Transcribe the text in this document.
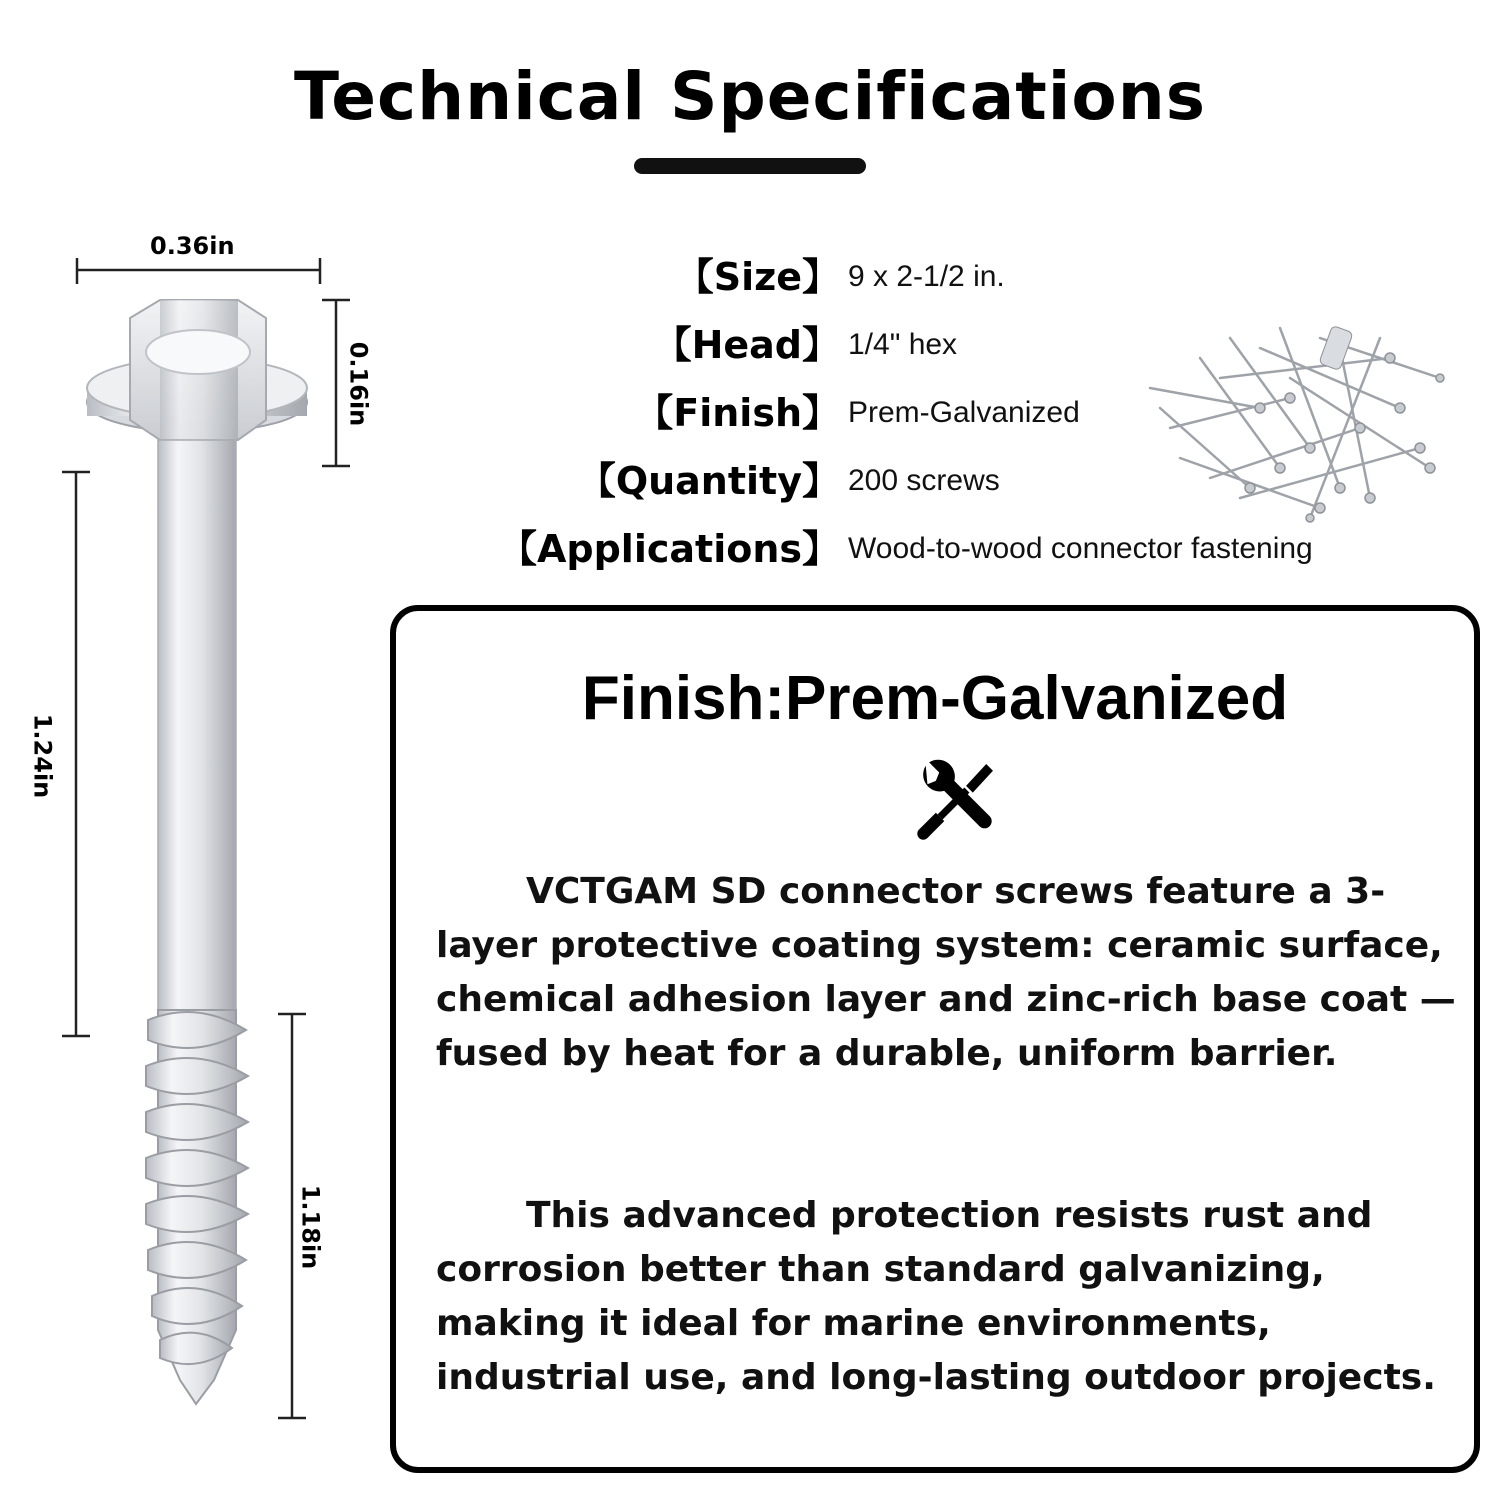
Technical Specifications
0.36in
0.16in
1.24in
1.18in
【Size】 9 x 2-1/2 in.
【Head】 1/4" hex
【Finish】 Prem-Galvanized
【Quantity】 200 screws
【Applications】 Wood-to-wood connector fastening
Finish:Prem-Galvanized
VCTGAM SD connector screws feature a 3-layer protective coating system: ceramic surface, chemical adhesion layer and zinc-rich base coat — fused by heat for a durable, uniform barrier.
This advanced protection resists rust and corrosion better than standard galvanizing, making it ideal for marine environments, industrial use, and long-lasting outdoor projects.
